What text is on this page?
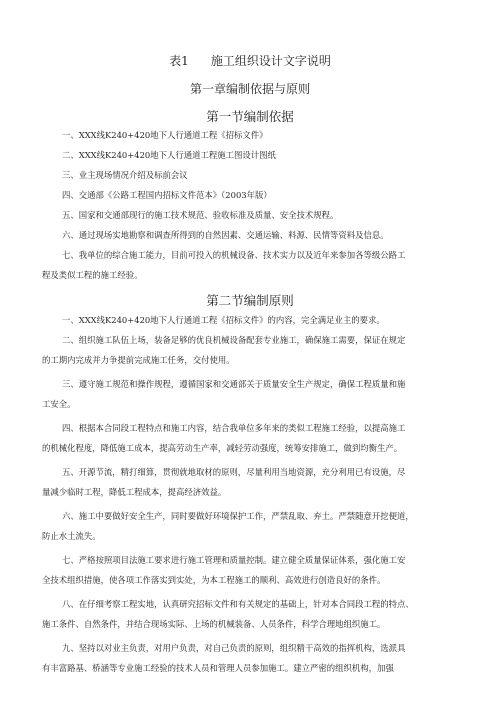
表1 施工组织设计文字说明
第一章编制依据与原则
第一节编制依据

一、XXX线K240+420地下人行通道工程《招标文件》

二、XXX线K240+420地下人行通道工程施工图设计图纸

三、业主现场情况介绍及标前会议

四、交通部《公路工程国内招标文件范本》（2003年版）

五、国家和交通部现行的施工技术规范、验收标准及质量、安全技术规程。

六、通过现场实地勘察和调查所得到的自然因素、交通运输、料源、民情等资料及信息。

七、我单位的综合施工能力，目前可投入的机械设备、技术实力以及近年来参加各等级公路工

程及类似工程的施工经验。

第二节编制原则

一、XXX线K240+420地下人行通道工程《招标文件》的内容，完全满足业主的要求。

二、组织施工队伍上场，装备足够的优良机械设备配套专业施工，确保施工需要，保证在规定

的工期内完成并力争提前完成施工任务，交付使用。

三、遵守施工规范和操作规程，遵循国家和交通部关于质量安全生产规定，确保工程质量和施

工安全。

四、根据本合同段工程特点和施工内容，结合我单位多年来的类似工程施工经验，以提高施工

的机械化程度，降低施工成本，提高劳动生产率，减轻劳动强度，统筹安排施工，做到均衡生产。

五、开源节流，精打细算，贯彻就地取材的原则，尽量利用当地资源，充分利用已有设施，尽

量减少临时工程，降低工程成本，提高经济效益。

六、施工中要做好安全生产，同时要做好环境保护工作，严禁乱取、弃土。严禁随意开挖便道，

防止水土流失。

七、严格按照项目法施工要求进行施工管理和质量控制。建立健全质量保证体系，强化施工安

全技术组织措施，使各项工作落实到实处，为本工程施工的顺利、高效进行创造良好的条件。

八、在仔细考察工程实地，认真研究招标文件和有关规定的基础上，针对本合同段工程的特点、

施工条件、自然条件，并结合现场实际、上场的机械装备、人员条件，科学合理地组织施工。

九、坚持以对业主负责，对用户负责，对自己负责的原则，组织精干高效的指挥机构，选派具

有丰富路基、桥涵等专业施工经验的技术人员和管理人员参加施工。建立严密的组织机构，加强
